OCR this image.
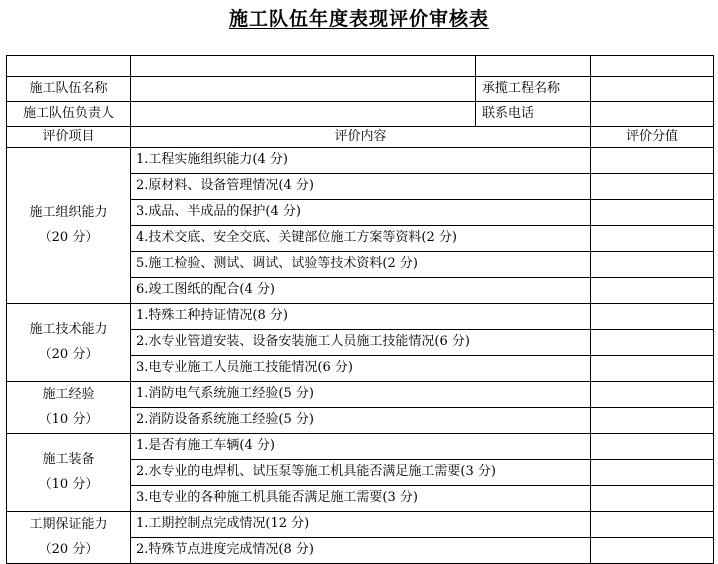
施工队伍年度表现评价审核表

施工队伍名称		承揽工程名称	
施工队伍负责人		联系电话	
评价项目	评价内容		评价分值

施工组织能力
（20 分）	1.工程实施组织能力(4 分)		
	2.原材料、设备管理情况(4 分)		
	3.成品、半成品的保护(4 分)		
	4.技术交底、安全交底、关键部位施工方案等资料(2 分)		
	5.施工检验、测试、调试、试验等技术资料(2 分)		
	6.竣工图纸的配合(4 分)		

施工技术能力
（20 分）	1.特殊工种持证情况(8 分)		
	2.水专业管道安装、设备安装施工人员施工技能情况(6 分)		
	3.电专业施工人员施工技能情况(6 分)		

施工经验
（10 分）	1.消防电气系统施工经验(5 分)		
	2.消防设备系统施工经验(5 分)		

施工装备
（10 分）	1.是否有施工车辆(4 分)		
	2.水专业的电焊机、试压泵等施工机具能否满足施工需要(3 分)		
	3.电专业的各种施工机具能否满足施工需要(3 分)		

工期保证能力
（20 分）	1.工期控制点完成情况(12 分)		
	2.特殊节点进度完成情况(8 分)		
